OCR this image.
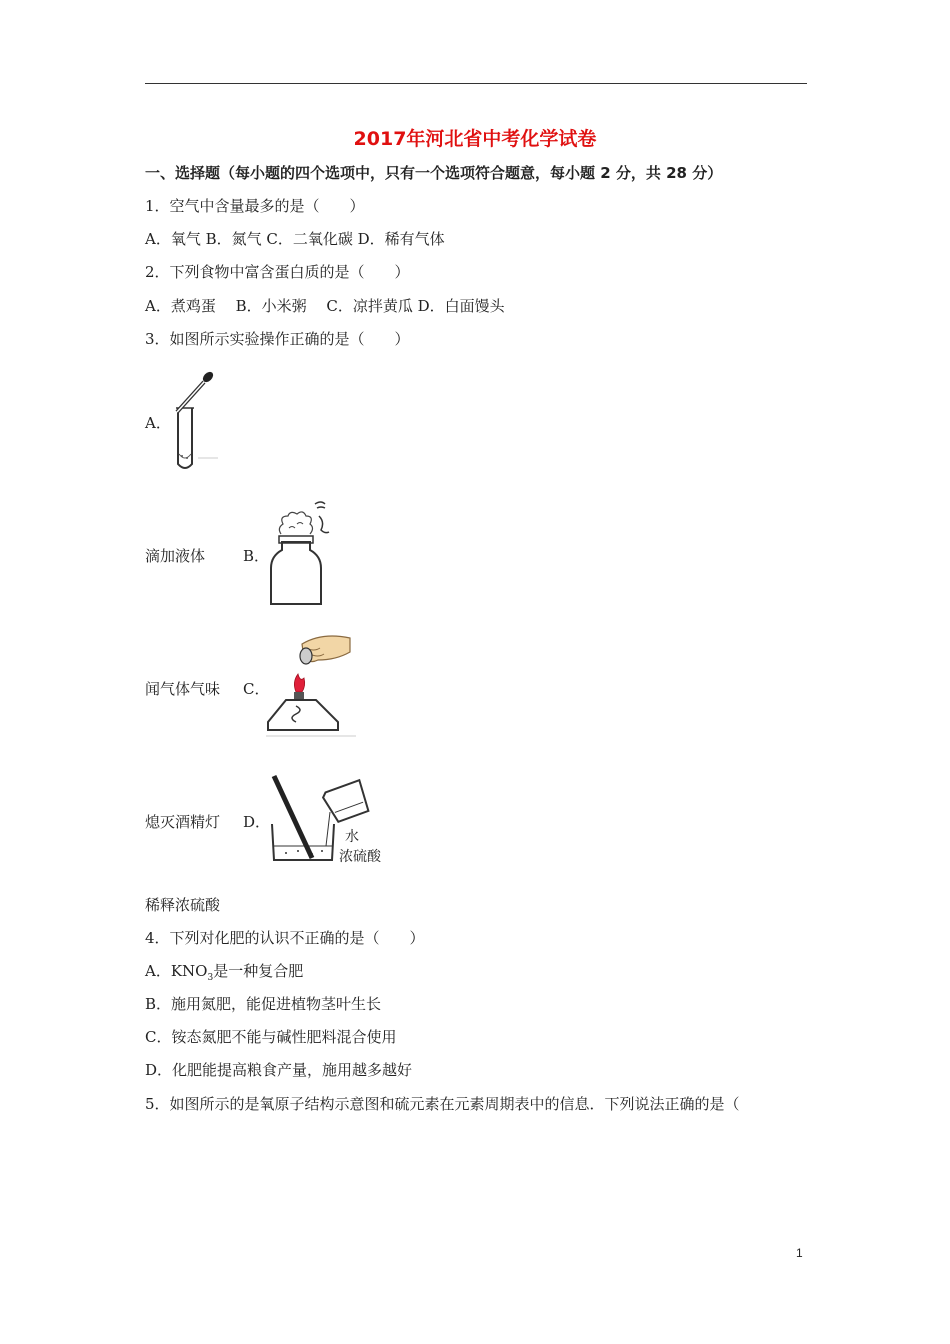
2017年河北省中考化学试卷
一、选择题（每小题的四个选项中，只有一个选项符合题意，每小题 2 分，共 28 分）
1．空气中含量最多的是（　　）
A．氧气 B．氮气 C．二氧化碳 D．稀有气体
2．下列食物中富含蛋白质的是（　　）
A．煮鸡蛋　 B．小米粥　 C．凉拌黄瓜 D．白面馒头
3．如图所示实验操作正确的是（　　）
A．
滴加液体	B．
闻气体气味 C．
熄灭酒精灯 D．
水
浓硫酸
稀释浓硫酸
4．下列对化肥的认识不正确的是（　　）
A．$KNO_3$是一种复合肥
B．施用氮肥，能促进植物茎叶生长
C．铵态氮肥不能与碱性肥料混合使用
D．化肥能提高粮食产量，施用越多越好
5．如图所示的是氧原子结构示意图和硫元素在元素周期表中的信息．下列说法正确的是（
1
